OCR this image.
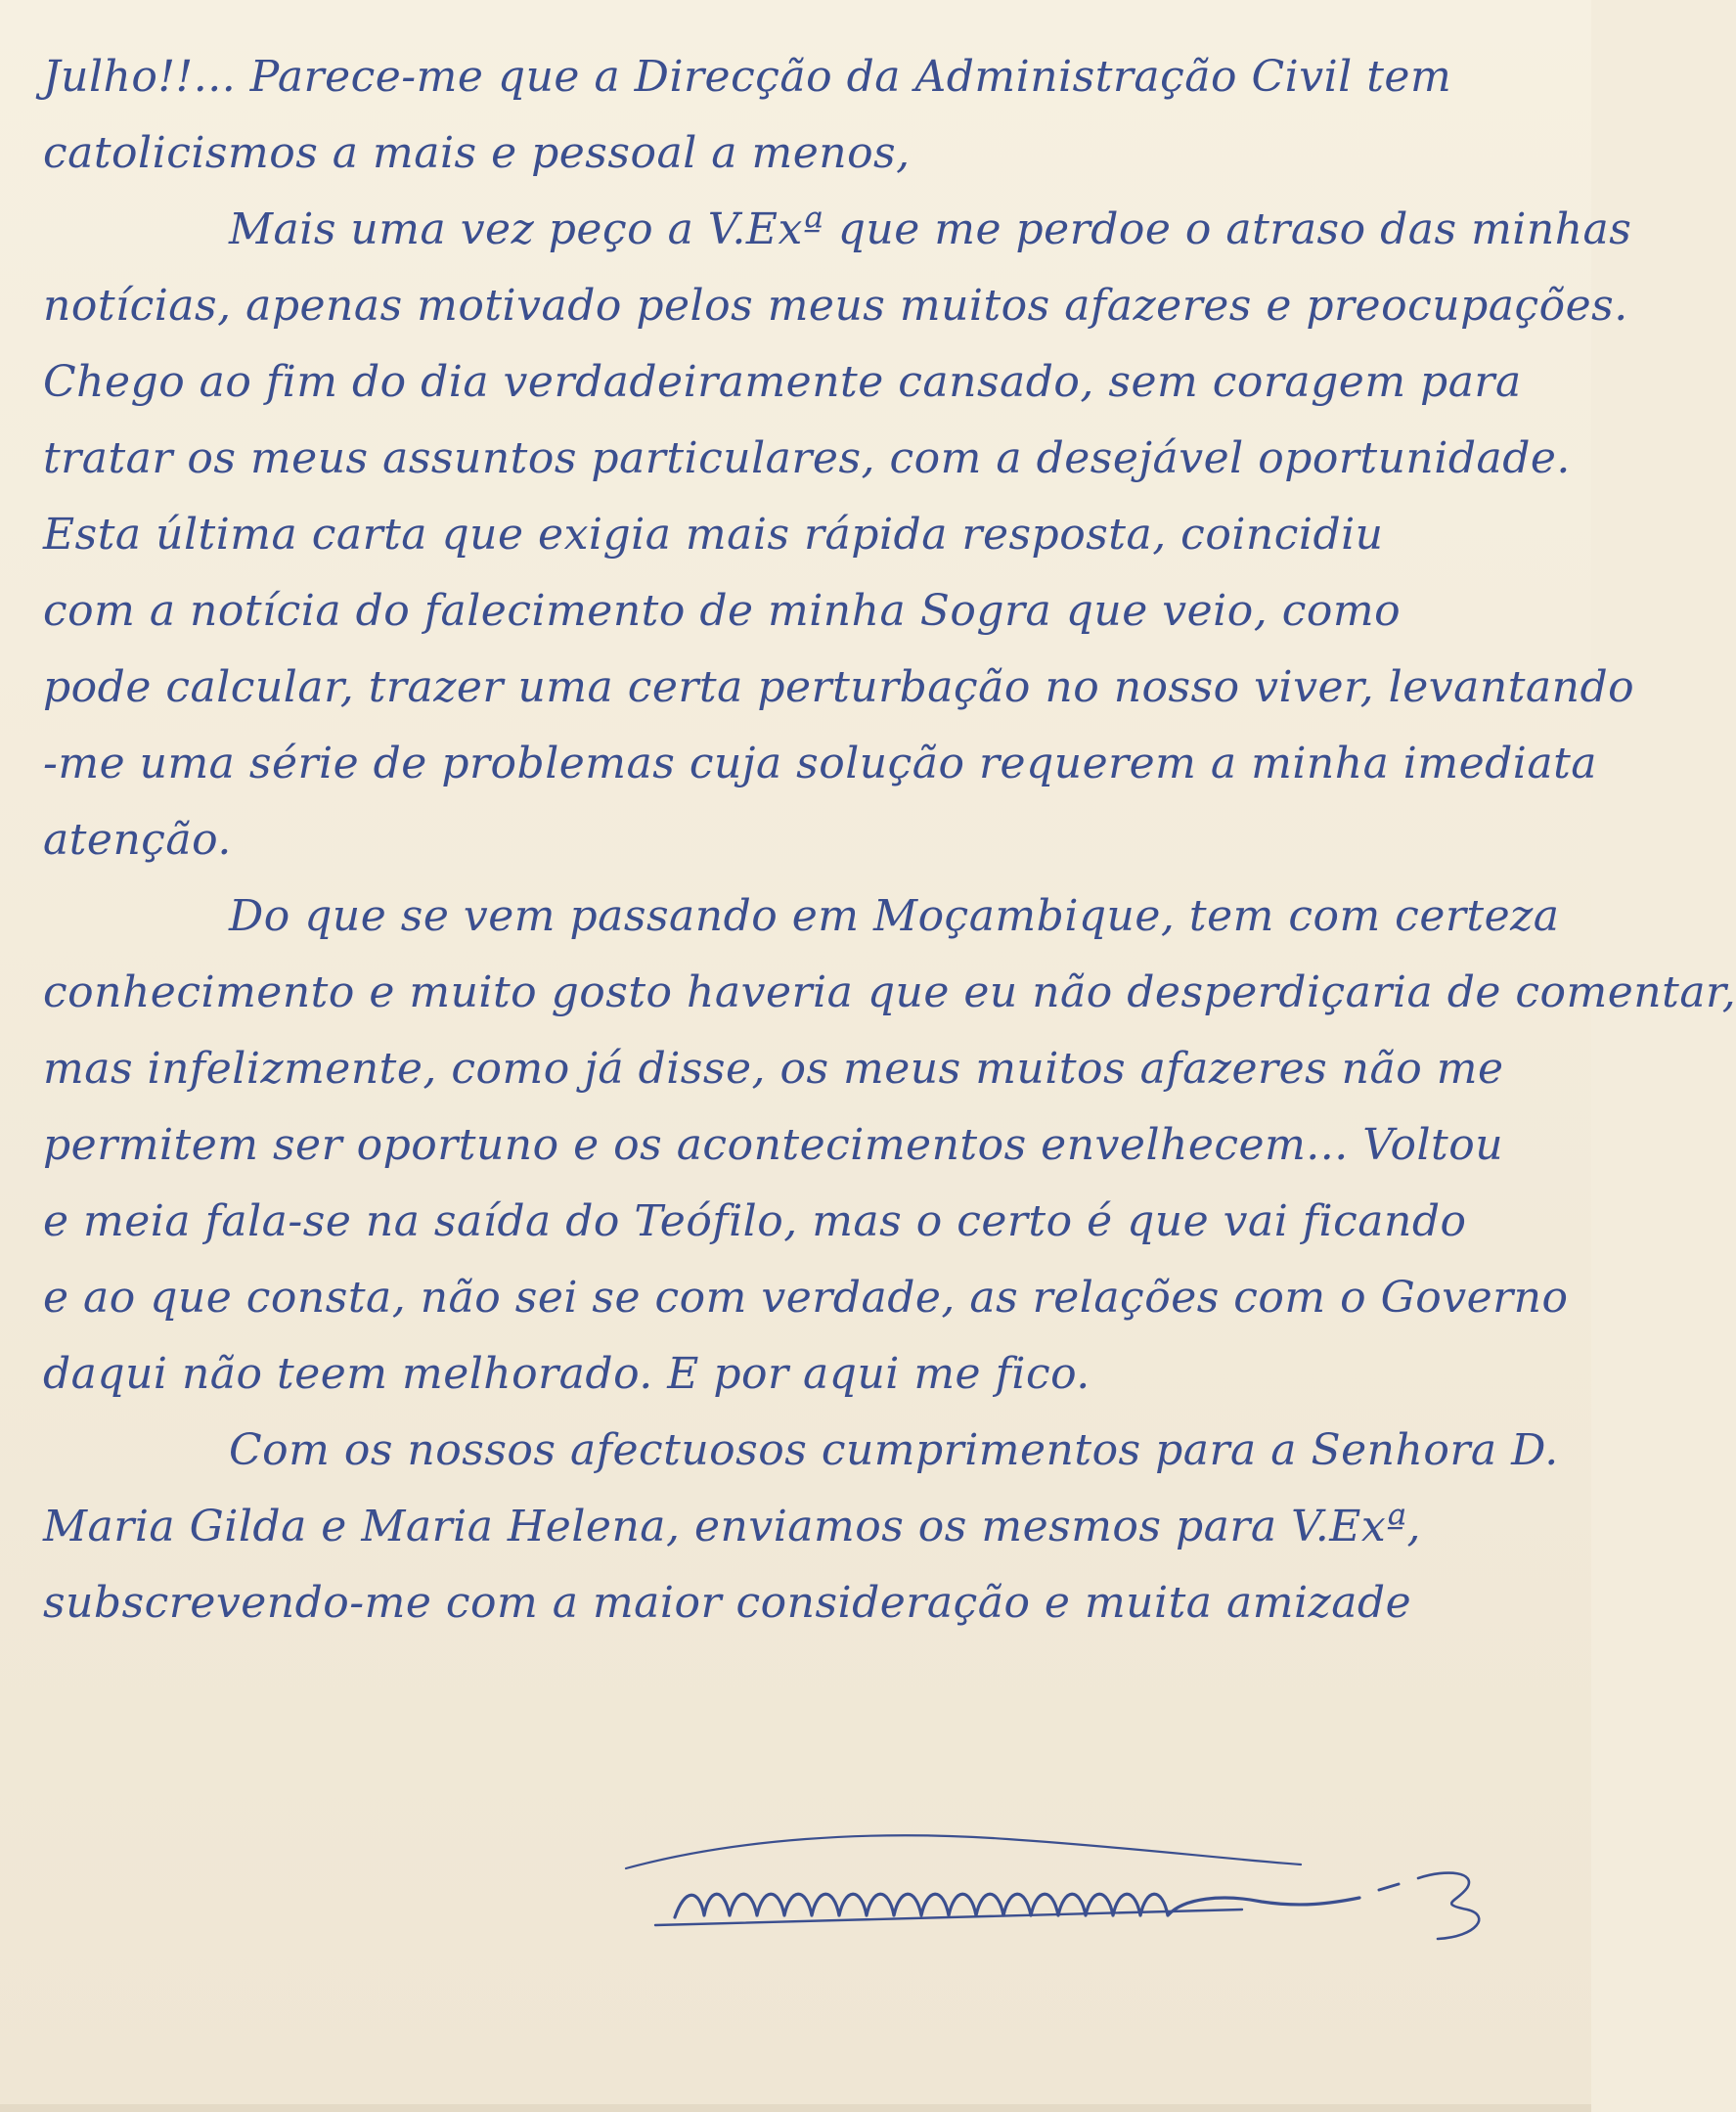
Julho!!... Parece-me que a Direcção da Administração Civil tem
catolicismos a mais e pessoal a menos,
Mais uma vez peço a V.Exª que me perdoe o atraso das minhas
notícias, apenas motivado pelos meus muitos afazeres e preocupações.
Chego ao fim do dia verdadeiramente cansado, sem coragem para
tratar os meus assuntos particulares, com a desejável oportunidade.
Esta última carta que exigia mais rápida resposta, coincidiu
com a notícia do falecimento de minha Sogra que veio, como
pode calcular, trazer uma certa perturbação no nosso viver, levantando
-me uma série de problemas cuja solução requerem a minha imediata
atenção.
Do que se vem passando em Moçambique, tem com certeza
conhecimento e muito gosto haveria que eu não desperdiçaria de comentar,
mas infelizmente, como já disse, os meus muitos afazeres não me
permitem ser oportuno e os acontecimentos envelhecem... Voltou
e meia fala-se na saída do Teófilo, mas o certo é que vai ficando
e ao que consta, não sei se com verdade, as relações com o Governo
daqui não teem melhorado. E por aqui me fico.
Com os nossos afectuosos cumprimentos para a Senhora D.
Maria Gilda e Maria Helena, enviamos os mesmos para V.Exª,
subscrevendo-me com a maior consideração e muita amizade
